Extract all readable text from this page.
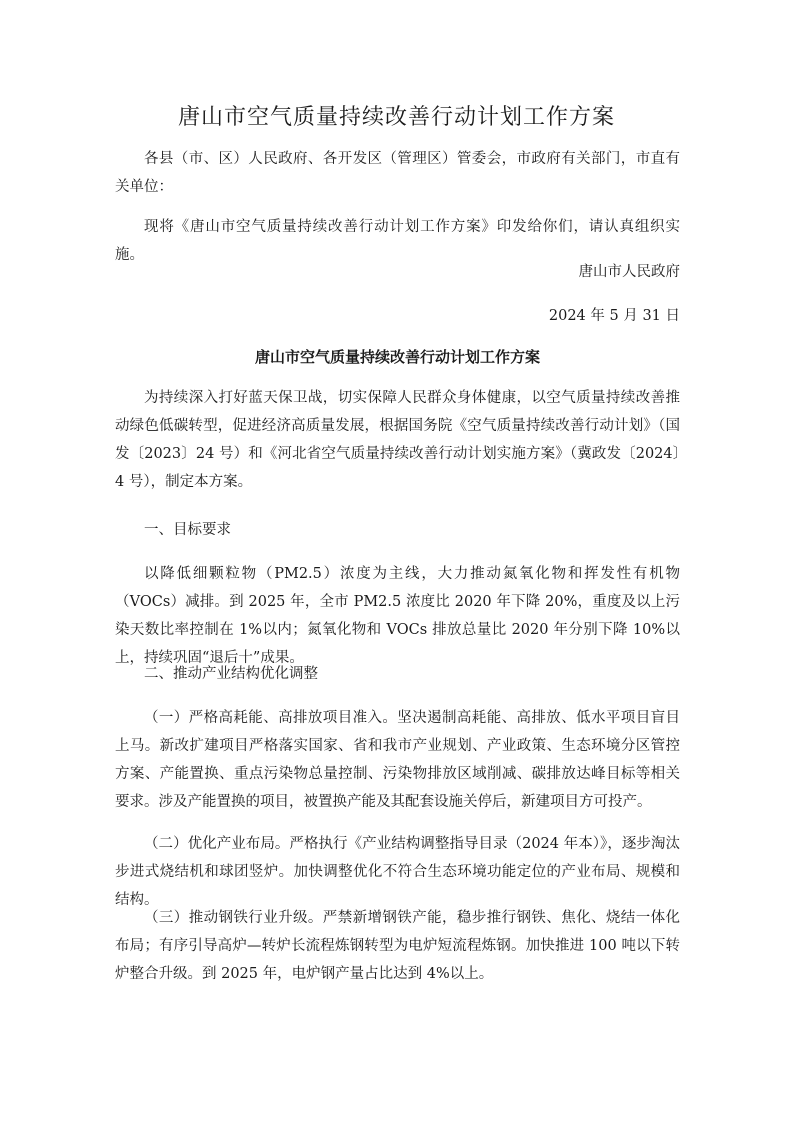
唐山市空气质量持续改善行动计划工作方案

各县（市、区）人民政府、各开发区（管理区）管委会，市政府有关部门，市直有关单位：

现将《唐山市空气质量持续改善行动计划工作方案》印发给你们，请认真组织实施。

唐山市人民政府

2024 年 5 月 31 日

唐山市空气质量持续改善行动计划工作方案

为持续深入打好蓝天保卫战，切实保障人民群众身体健康，以空气质量持续改善推动绿色低碳转型，促进经济高质量发展，根据国务院《空气质量持续改善行动计划》（国发〔2023〕24 号）和《河北省空气质量持续改善行动计划实施方案》（冀政发〔2024〕4 号），制定本方案。

一、目标要求

以降低细颗粒物（PM2.5）浓度为主线，大力推动氮氧化物和挥发性有机物（VOCs）减排。到 2025 年，全市 PM2.5 浓度比 2020 年下降 20%，重度及以上污染天数比率控制在 1%以内；氮氧化物和 VOCs 排放总量比 2020 年分别下降 10%以上，持续巩固“退后十”成果。

二、推动产业结构优化调整

（一）严格高耗能、高排放项目准入。坚决遏制高耗能、高排放、低水平项目盲目上马。新改扩建项目严格落实国家、省和我市产业规划、产业政策、生态环境分区管控方案、产能置换、重点污染物总量控制、污染物排放区域削减、碳排放达峰目标等相关要求。涉及产能置换的项目，被置换产能及其配套设施关停后，新建项目方可投产。

（二）优化产业布局。严格执行《产业结构调整指导目录（2024 年本）》，逐步淘汰步进式烧结机和球团竖炉。加快调整优化不符合生态环境功能定位的产业布局、规模和结构。

（三）推动钢铁行业升级。严禁新增钢铁产能，稳步推行钢铁、焦化、烧结一体化布局；有序引导高炉—转炉长流程炼钢转型为电炉短流程炼钢。加快推进 100 吨以下转炉整合升级。到 2025 年，电炉钢产量占比达到 4%以上。
